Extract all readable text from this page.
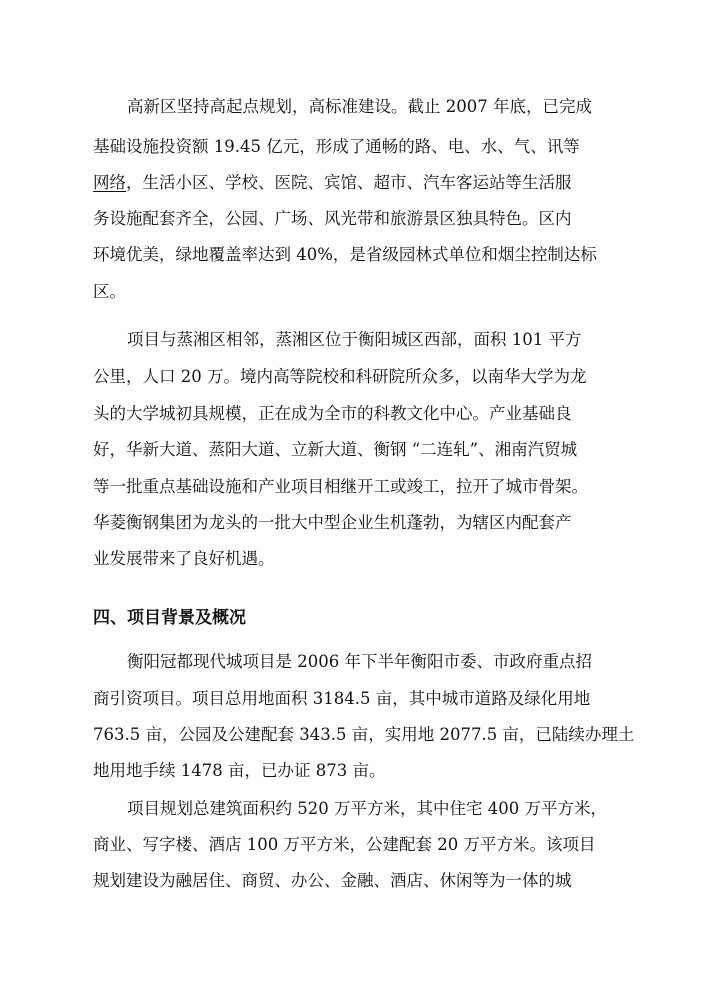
高新区坚持高起点规划，高标准建设。截止 2007 年底，已完成
基础设施投资额 19.45 亿元，形成了通畅的路、电、水、气、讯等
网络，生活小区、学校、医院、宾馆、超市、汽车客运站等生活服
务设施配套齐全，公园、广场、风光带和旅游景区独具特色。区内
环境优美，绿地覆盖率达到 40%，是省级园林式单位和烟尘控制达标
区。
项目与蒸湘区相邻，蒸湘区位于衡阳城区西部，面积 101 平方
公里，人口 20 万。境内高等院校和科研院所众多，以南华大学为龙
头的大学城初具规模，正在成为全市的科教文化中心。产业基础良
好，华新大道、蒸阳大道、立新大道、衡钢 “二连轧”、湘南汽贸城
等一批重点基础设施和产业项目相继开工或竣工，拉开了城市骨架。
华菱衡钢集团为龙头的一批大中型企业生机蓬勃，为辖区内配套产
业发展带来了良好机遇。
四、项目背景及概况
衡阳冠都现代城项目是 2006 年下半年衡阳市委、市政府重点招
商引资项目。项目总用地面积 3184.5 亩，其中城市道路及绿化用地
763.5 亩，公园及公建配套 343.5 亩，实用地 2077.5 亩，已陆续办理土
地用地手续 1478 亩，已办证 873 亩。
项目规划总建筑面积约 520 万平方米，其中住宅 400 万平方米，
商业、写字楼、酒店 100 万平方米，公建配套 20 万平方米。该项目
规划建设为融居住、商贸、办公、金融、酒店、休闲等为一体的城
